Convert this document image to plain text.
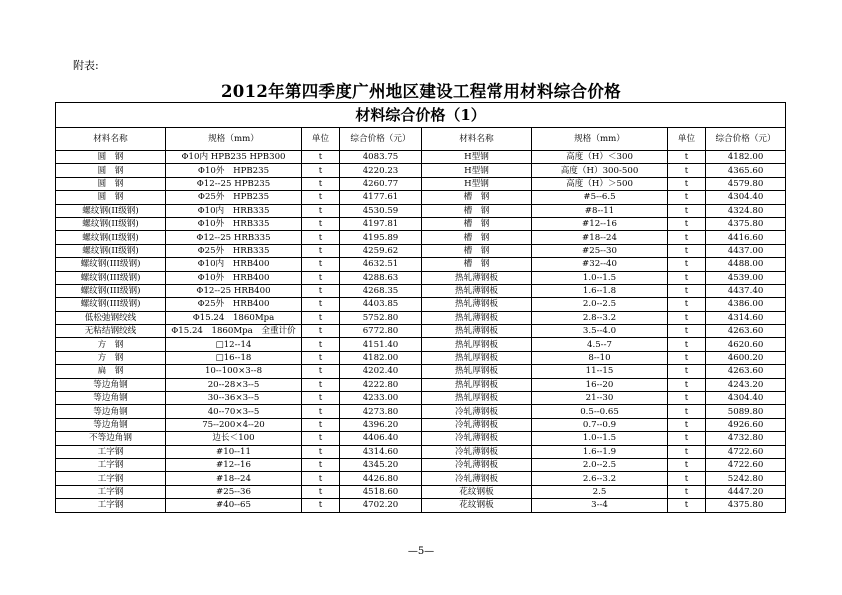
附表:
2012年第四季度广州地区建设工程常用材料综合价格
材料综合价格（1）							
材料名称	规格（mm）	单位	综合价格（元）	材料名称	规格（mm）	单位	综合价格（元）
圆　钢	Φ10内 HPB235 HPB300	t	4083.75	H型钢	高度（H）＜300	t	4182.00
圆　钢	Φ10外　HPB235	t	4220.23	H型钢	高度（H）300-500	t	4365.60
圆　钢	Φ12--25 HPB235	t	4260.77	H型钢	高度（H）＞500	t	4579.80
圆　钢	Φ25外　HPB235	t	4177.61	槽　钢	#5--6.5	t	4304.40
螺纹钢(II级钢)	Φ10内　HRB335	t	4530.59	槽　钢	#8--11	t	4324.80
螺纹钢(II级钢)	Φ10外　HRB335	t	4197.81	槽　钢	#12--16	t	4375.80
螺纹钢(II级钢)	Φ12--25 HRB335	t	4195.89	槽　钢	#18--24	t	4416.60
螺纹钢(II级钢)	Φ25外　HRB335	t	4259.62	槽　钢	#25--30	t	4437.00
螺纹钢(III级钢)	Φ10内　HRB400	t	4632.51	槽　钢	#32--40	t	4488.00
螺纹钢(III级钢)	Φ10外　HRB400	t	4288.63	热轧薄钢板	1.0--1.5	t	4539.00
螺纹钢(III级钢)	Φ12--25 HRB400	t	4268.35	热轧薄钢板	1.6--1.8	t	4437.40
螺纹钢(III级钢)	Φ25外　HRB400	t	4403.85	热轧薄钢板	2.0--2.5	t	4386.00
低松弛钢绞线	Φ15.24　1860Mpa	t	5752.80	热轧薄钢板	2.8--3.2	t	4314.60
无粘结钢绞线	Φ15.24　1860Mpa　全重计价	t	6772.80	热轧薄钢板	3.5--4.0	t	4263.60
方　钢	□12--14	t	4151.40	热轧厚钢板	4.5--7	t	4620.60
方　钢	□16--18	t	4182.00	热轧厚钢板	8--10	t	4600.20
扁　钢	10--100×3--8	t	4202.40	热轧厚钢板	11--15	t	4263.60
等边角钢	20--28×3--5	t	4222.80	热轧厚钢板	16--20	t	4243.20
等边角钢	30--36×3--5	t	4233.00	热轧厚钢板	21--30	t	4304.40
等边角钢	40--70×3--5	t	4273.80	冷轧薄钢板	0.5--0.65	t	5089.80
等边角钢	75--200×4--20	t	4396.20	冷轧薄钢板	0.7--0.9	t	4926.60
不等边角钢	边长＜100	t	4406.40	冷轧薄钢板	1.0--1.5	t	4732.80
工字钢	#10--11	t	4314.60	冷轧薄钢板	1.6--1.9	t	4722.60
工字钢	#12--16	t	4345.20	冷轧薄钢板	2.0--2.5	t	4722.60
工字钢	#18--24	t	4426.80	冷轧薄钢板	2.6--3.2	t	5242.80
工字钢	#25--36	t	4518.60	花纹钢板	2.5	t	4447.20
工字钢	#40--65	t	4702.20	花纹钢板	3--4	t	4375.80
—5—
